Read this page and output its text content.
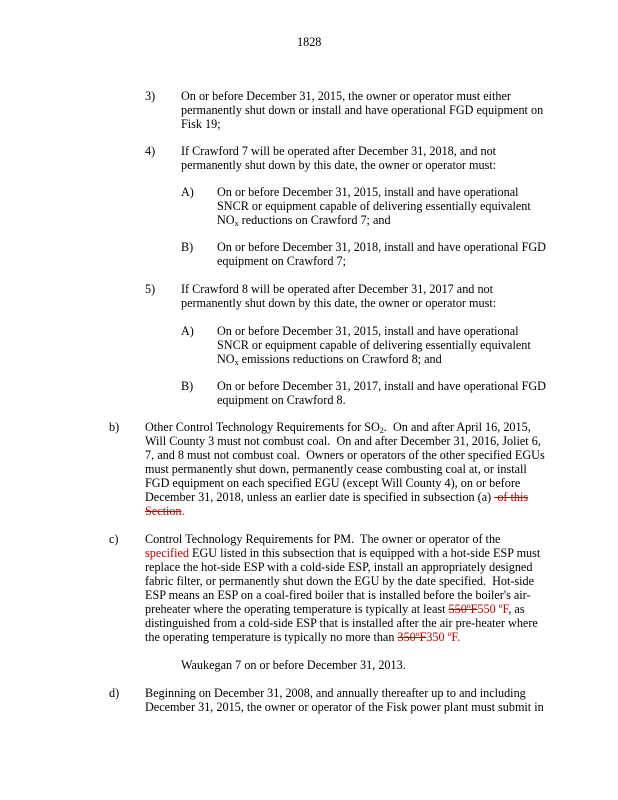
1828
3) On or before December 31, 2015, the owner or operator must either
permanently shut down or install and have operational FGD equipment on
Fisk 19;
4) If Crawford 7 will be operated after December 31, 2018, and not
permanently shut down by this date, the owner or operator must:
A) On or before December 31, 2015, install and have operational
SNCR or equipment capable of delivering essentially equivalent
$NO_x$ reductions on Crawford 7; and
B) On or before December 31, 2018, install and have operational FGD
equipment on Crawford 7;
5) If Crawford 8 will be operated after December 31, 2017 and not
permanently shut down by this date, the owner or operator must:
A) On or before December 31, 2015, install and have operational
SNCR or equipment capable of delivering essentially equivalent
$NO_x$ emissions reductions on Crawford 8; and
B) On or before December 31, 2017, install and have operational FGD
equipment on Crawford 8.
b) Other Control Technology Requirements for $SO_2$.  On and after April 16, 2015,
Will County 3 must not combust coal.  On and after December 31, 2016, Joliet 6,
7, and 8 must not combust coal.  Owners or operators of the other specified EGUs
must permanently shut down, permanently cease combusting coal at, or install
FGD equipment on each specified EGU (except Will County 4), on or before
December 31, 2018, unless an earlier date is specified in subsection (a)  of this
Section.
c) Control Technology Requirements for PM.  The owner or operator of the
specified EGU listed in this subsection that is equipped with a hot-side ESP must
replace the hot-side ESP with a cold-side ESP, install an appropriately designed
fabric filter, or permanently shut down the EGU by the date specified.  Hot-side
ESP means an ESP on a coal-fired boiler that is installed before the boiler's air-
preheater where the operating temperature is typically at least 550ºF550 ºF, as
distinguished from a cold-side ESP that is installed after the air pre-heater where
the operating temperature is typically no more than 350ºF350 ºF.
Waukegan 7 on or before December 31, 2013.
d) Beginning on December 31, 2008, and annually thereafter up to and including
December 31, 2015, the owner or operator of the Fisk power plant must submit in
